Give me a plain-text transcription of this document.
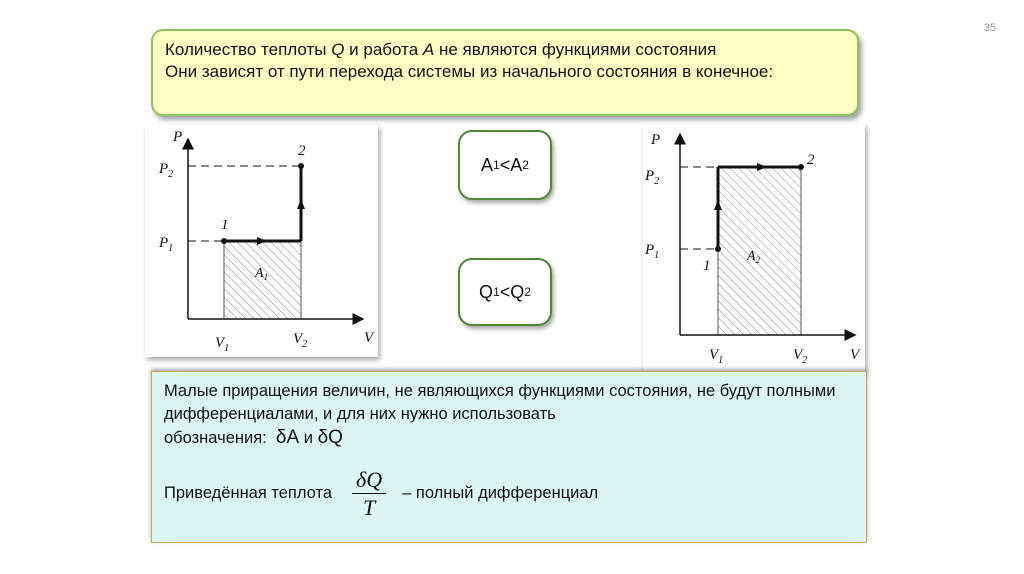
35

Количество теплоты Q и работа A не являются функциями состояния

Они зависят от пути перехода системы из начального состояния в конечное:

P
V
$P_2$
$P_1$
$V_1$
$V_2$
1
2
$A_1$
P
V
$P_2$
$P_1$
$V_1$	$V_2$
1
2
$A_2$
A 1 <A 2
Q 1 <Q 2

Малые приращения величин, не являющихся функциями состояния, не будут полными дифференциалами, и для них нужно использовать

обозначения: δA и δQ

Приведённая теплота $\frac{\delta Q}{T}$ – полный дифференциал
